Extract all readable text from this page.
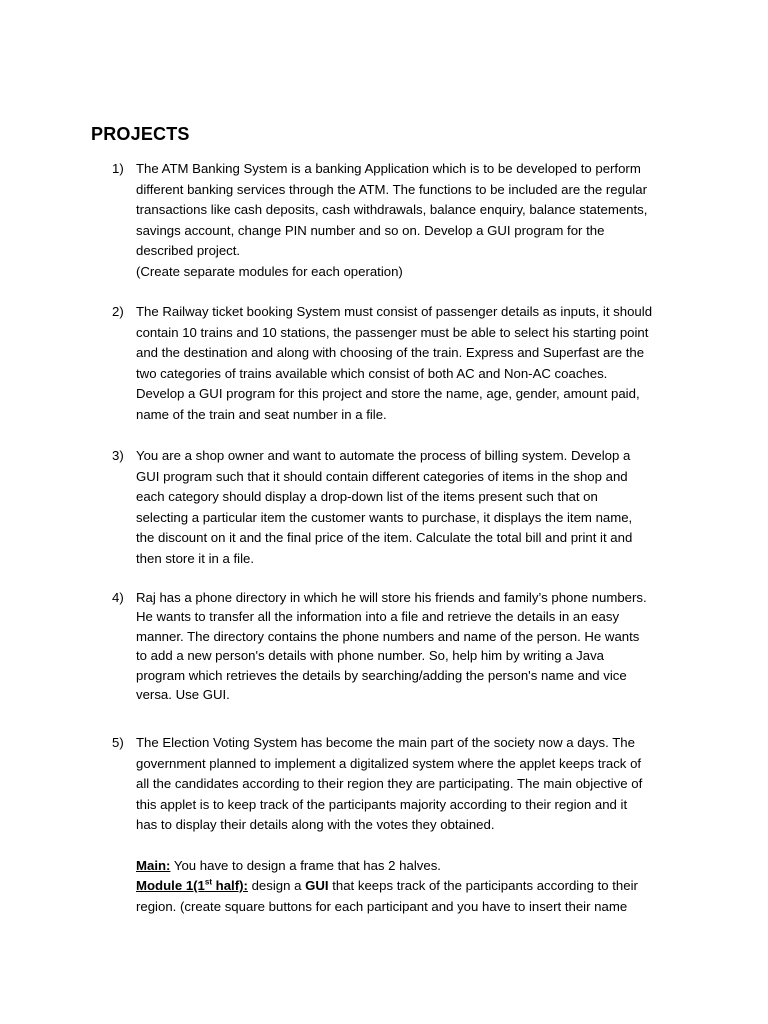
PROJECTS
1) The ATM Banking System is a banking Application which is to be developed to perform
different banking services through the ATM. The functions to be included are the regular
transactions like cash deposits, cash withdrawals, balance enquiry, balance statements,
savings account, change PIN number and so on. Develop a GUI program for the
described project.
(Create separate modules for each operation)
2) The Railway ticket booking System must consist of passenger details as inputs, it should
contain 10 trains and 10 stations, the passenger must be able to select his starting point
and the destination and along with choosing of the train. Express and Superfast are the
two categories of trains available which consist of both AC and Non-AC coaches.
Develop a GUI program for this project and store the name, age, gender, amount paid,
name of the train and seat number in a file.
3) You are a shop owner and want to automate the process of billing system. Develop a
GUI program such that it should contain different categories of items in the shop and
each category should display a drop-down list of the items present such that on
selecting a particular item the customer wants to purchase, it displays the item name,
the discount on it and the final price of the item. Calculate the total bill and print it and
then store it in a file.
4) Raj has a phone directory in which he will store his friends and family’s phone numbers.
He wants to transfer all the information into a file and retrieve the details in an easy
manner. The directory contains the phone numbers and name of the person. He wants
to add a new person's details with phone number. So, help him by writing a Java
program which retrieves the details by searching/adding the person's name and vice
versa. Use GUI.
5) The Election Voting System has become the main part of the society now a days. The
government planned to implement a digitalized system where the applet keeps track of
all the candidates according to their region they are participating. The main objective of
this applet is to keep track of the participants majority according to their region and it
has to display their details along with the votes they obtained.
Main: You have to design a frame that has 2 halves.
Module 1(1st half): design a GUI that keeps track of the participants according to their
region. (create square buttons for each participant and you have to insert their name
